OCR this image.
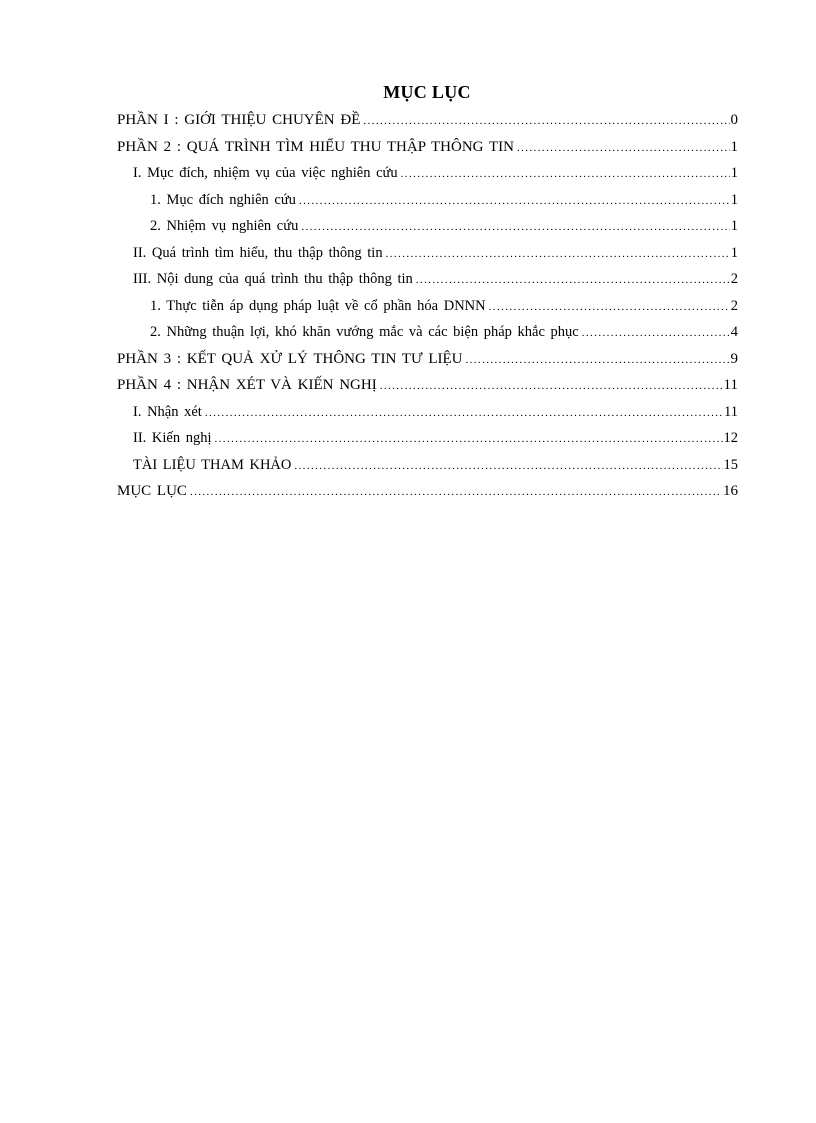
MỤC LỤC
PHẦN I : GIỚI THIỆU CHUYÊN ĐỀ .....	0
PHẦN 2 : QUÁ TRÌNH TÌM HIỂU THU THẬP THÔNG TIN .....	1
I. Mục đích, nhiệm vụ của việc nghiên cứu .....	1
1. Mục đích nghiên cứu .....	1
2. Nhiệm vụ nghiên cứu .....	1
II. Quá trình tìm hiểu, thu thập thông tin .....	1
III. Nội dung của quá trình thu thập thông tin .....	2
1. Thực tiễn áp dụng pháp luật về cổ phần hóa DNNN .....	2
2. Những thuận lợi, khó khăn vướng mắc và các biện pháp khắc phục .....	4
PHẦN 3 : KẾT QUẢ XỬ LÝ THÔNG TIN TƯ LIỆU .....	9
PHẦN 4 : NHẬN XÉT VÀ KIẾN NGHỊ .....	11
I. Nhận xét .....	11
II. Kiến nghị .....	12
TÀI LIỆU THAM KHẢO .....	15
MỤC LỤC .....	16
